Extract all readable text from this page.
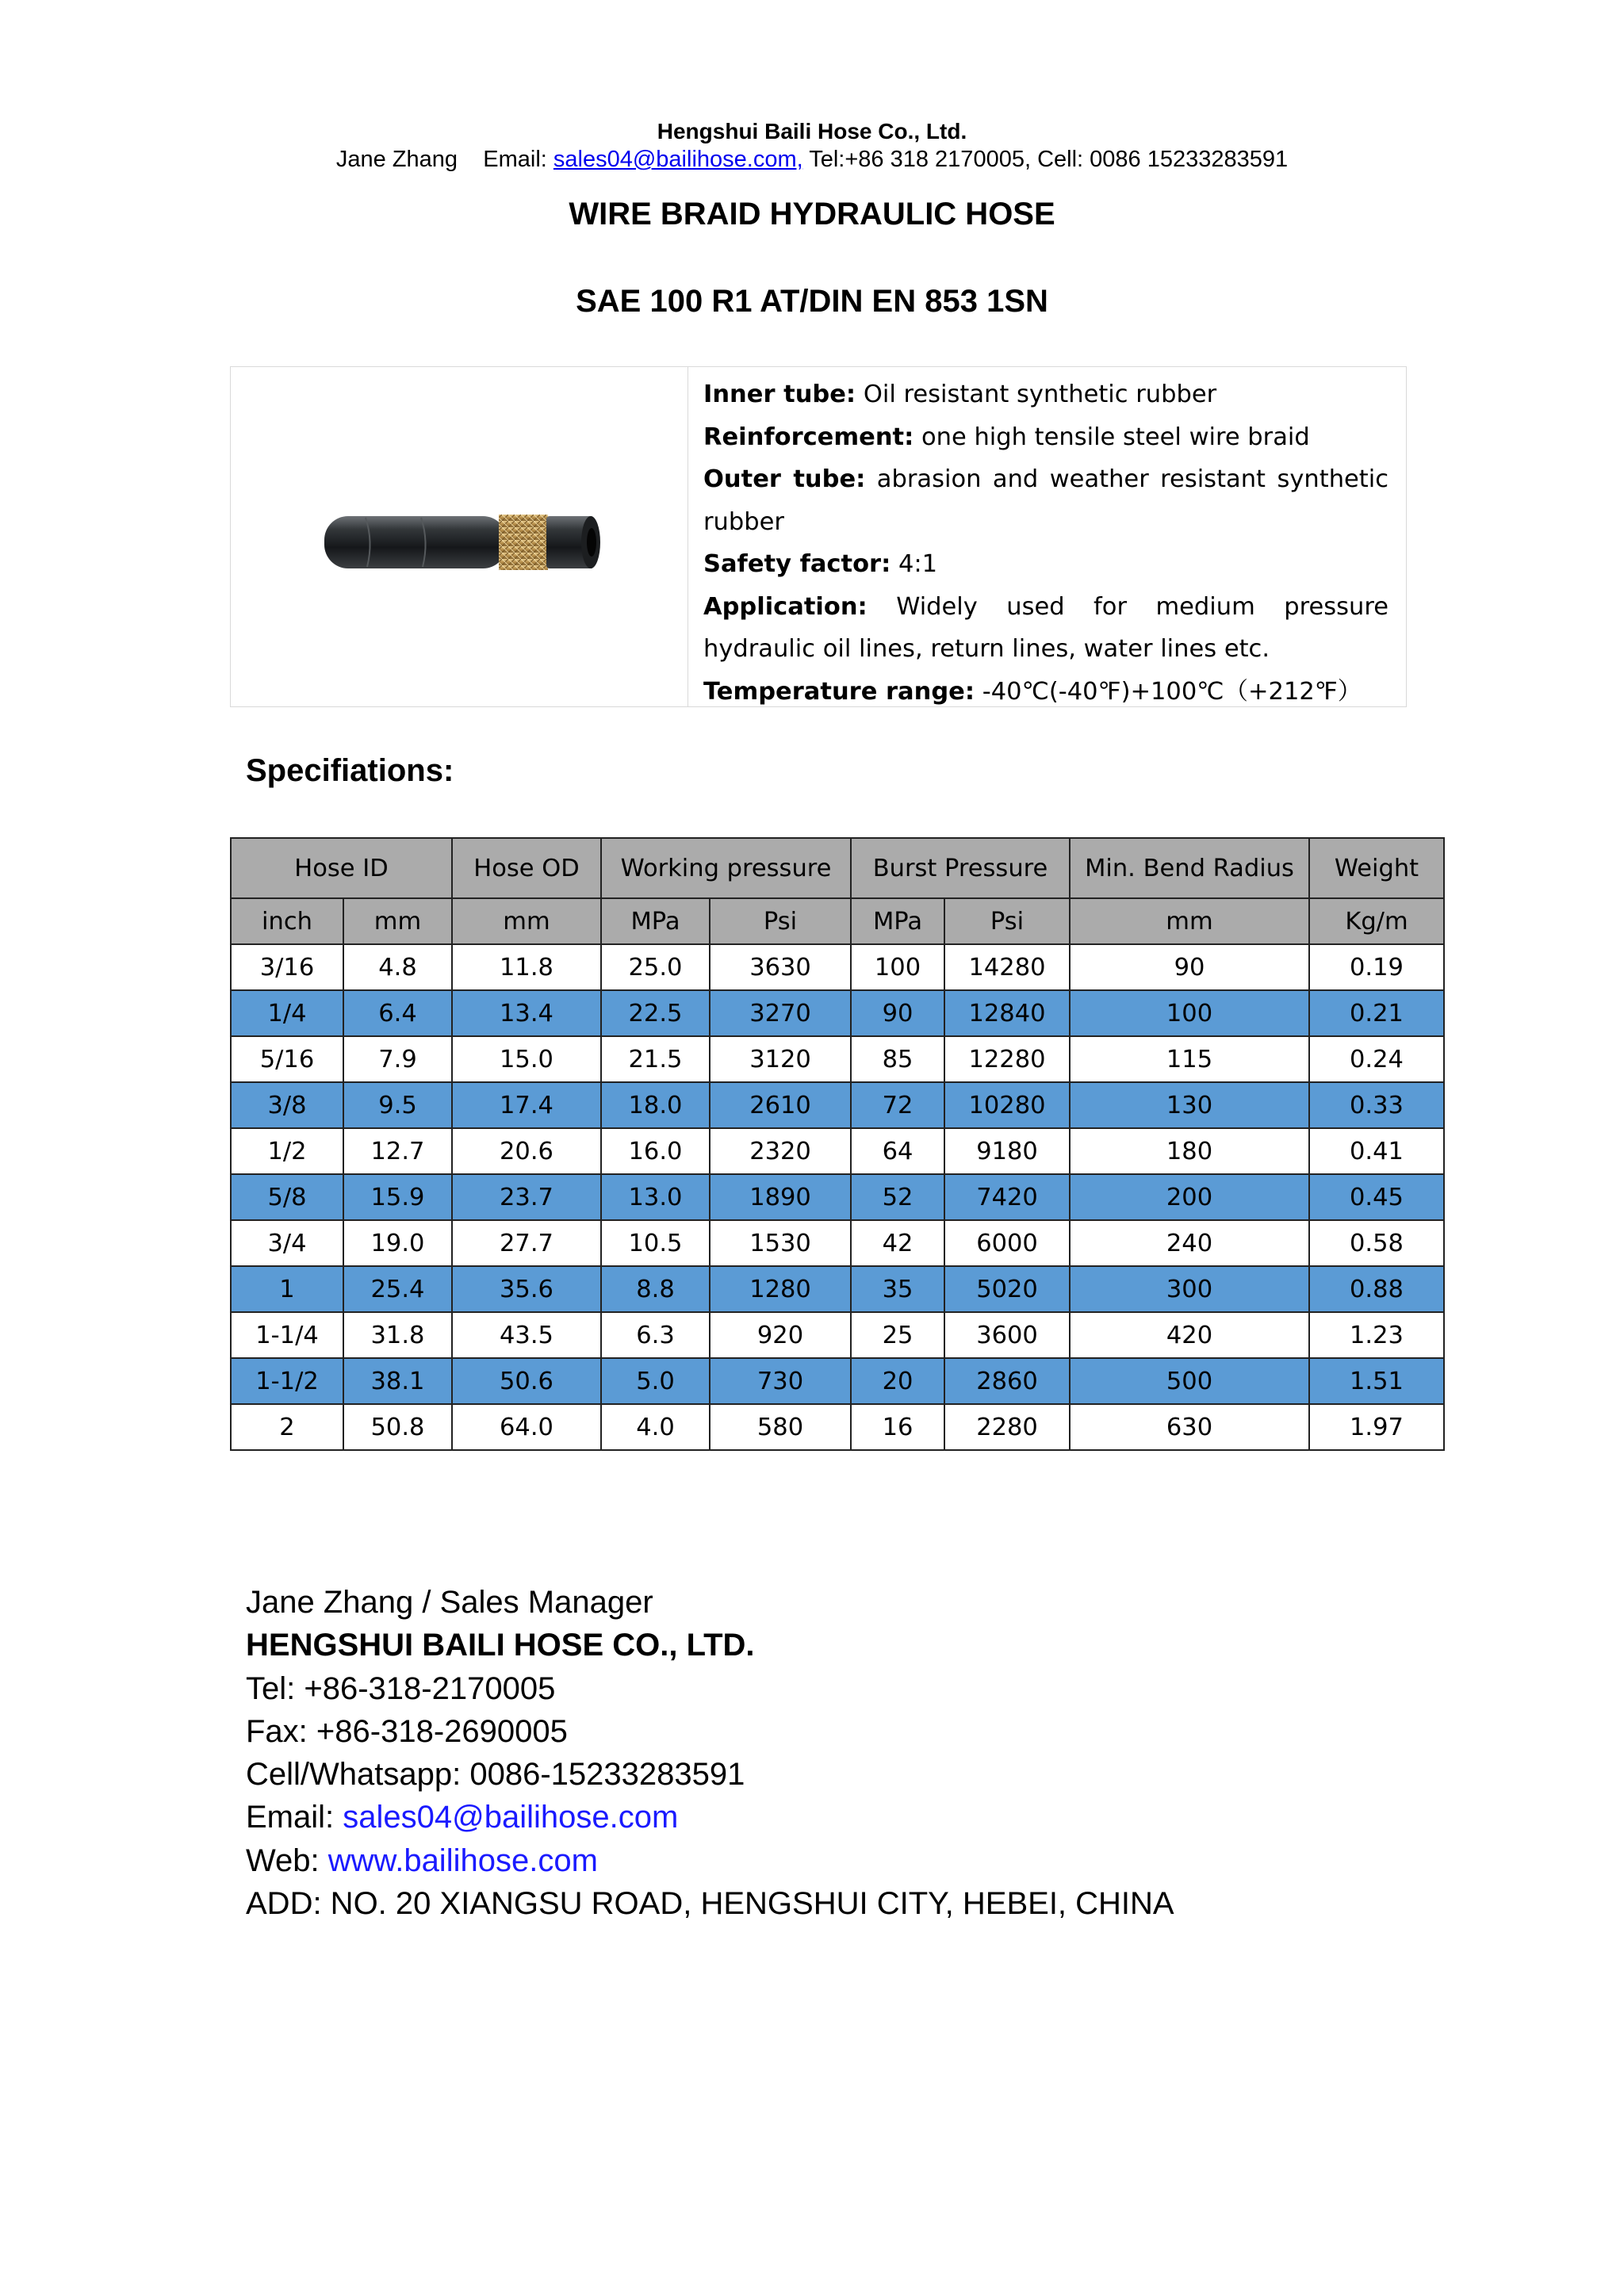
Hengshui Baili Hose Co., Ltd.
Jane Zhang Email: sales04@bailihose.com, Tel:+86 318 2170005, Cell: 0086 15233283591
WIRE BRAID HYDRAULIC HOSE
SAE 100 R1 AT/DIN EN 853 1SN
Inner tube: Oil resistant synthetic rubber
Reinforcement: one high tensile steel wire braid
Outer tube: abrasion and weather resistant synthetic rubber
Safety factor: 4:1
Application: Widely used for medium pressure hydraulic oil lines, return lines, water lines etc.
Temperature range: -40℃(-40℉)+100℃（+212℉）
Specifiations:
Hose ID		Hose OD	Working pressure		Burst Pressure		Min. Bend Radius	Weight
inch	mm	mm	MPa	Psi	MPa	Psi	mm	Kg/m
3/16	4.8	11.8	25.0	3630	100	14280	90	0.19
1/4	6.4	13.4	22.5	3270	90	12840	100	0.21
5/16	7.9	15.0	21.5	3120	85	12280	115	0.24
3/8	9.5	17.4	18.0	2610	72	10280	130	0.33
1/2	12.7	20.6	16.0	2320	64	9180	180	0.41
5/8	15.9	23.7	13.0	1890	52	7420	200	0.45
3/4	19.0	27.7	10.5	1530	42	6000	240	0.58
1	25.4	35.6	8.8	1280	35	5020	300	0.88
1-1/4	31.8	43.5	6.3	920	25	3600	420	1.23
1-1/2	38.1	50.6	5.0	730	20	2860	500	1.51
2	50.8	64.0	4.0	580	16	2280	630	1.97
Jane Zhang / Sales Manager
HENGSHUI BAILI HOSE CO., LTD.
Tel: +86-318-2170005
Fax: +86-318-2690005
Cell/Whatsapp: 0086-15233283591
Email: sales04@bailihose.com
Web: www.bailihose.com
ADD: NO. 20 XIANGSU ROAD, HENGSHUI CITY, HEBEI, CHINA
